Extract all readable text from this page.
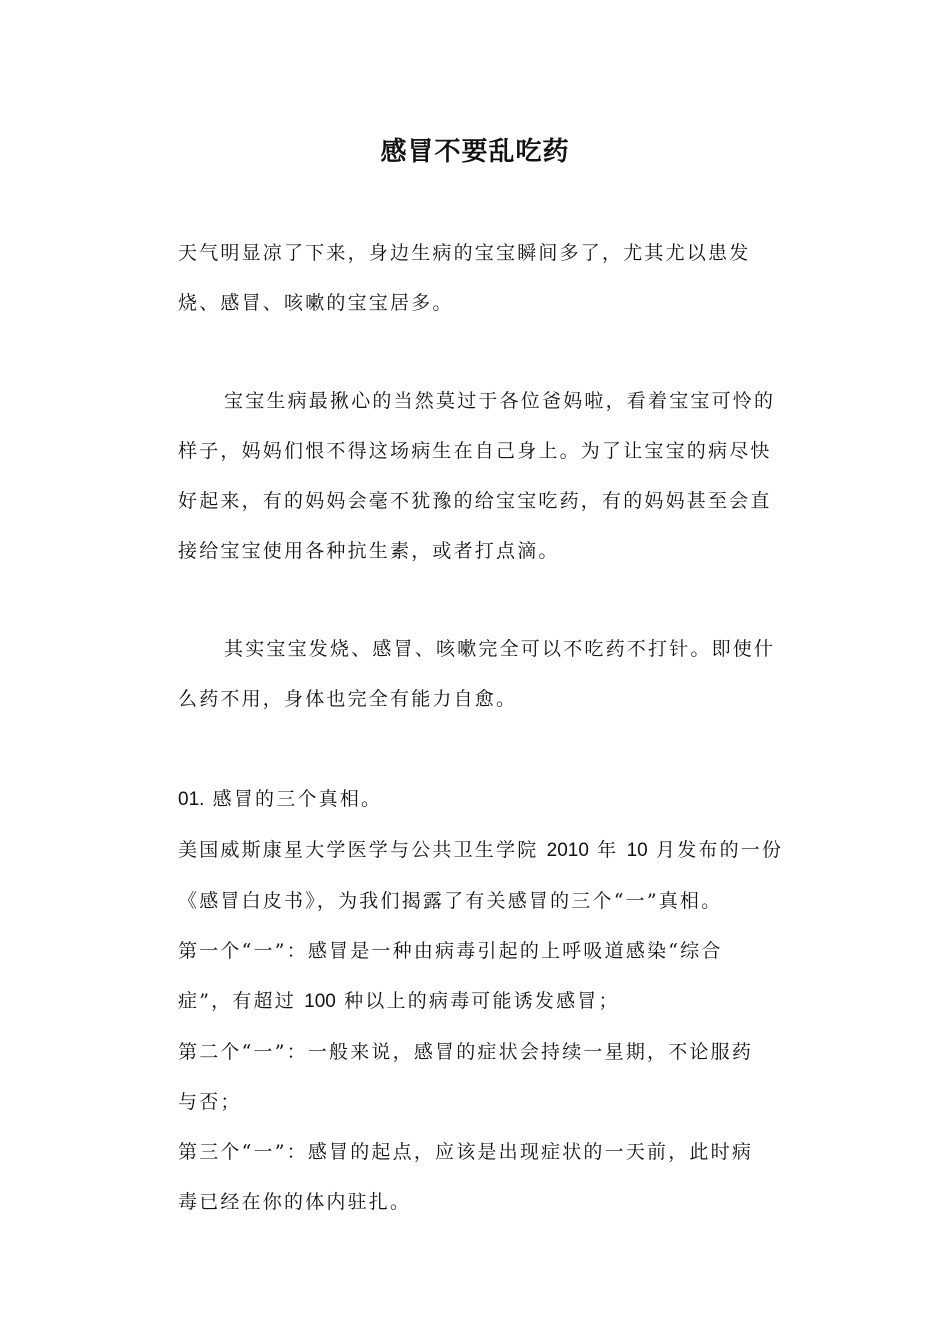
感冒不要乱吃药

天气明显凉了下来，身边生病的宝宝瞬间多了，尤其尤以患发
烧、感冒、咳嗽的宝宝居多。

宝宝生病最揪心的当然莫过于各位爸妈啦，看着宝宝可怜的
样子，妈妈们恨不得这场病生在自己身上。为了让宝宝的病尽快
好起来，有的妈妈会毫不犹豫的给宝宝吃药，有的妈妈甚至会直
接给宝宝使用各种抗生素，或者打点滴。

其实宝宝发烧、感冒、咳嗽完全可以不吃药不打针。即使什
么药不用，身体也完全有能力自愈。

01. 感冒的三个真相。
美国威斯康星大学医学与公共卫生学院 2010 年 10 月发布的一份
《感冒白皮书》，为我们揭露了有关感冒的三个“一”真相。
第一个“一”：感冒是一种由病毒引起的上呼吸道感染“综合
症”，有超过 100 种以上的病毒可能诱发感冒；
第二个“一”：一般来说，感冒的症状会持续一星期，不论服药
与否；
第三个“一”：感冒的起点，应该是出现症状的一天前，此时病
毒已经在你的体内驻扎。
